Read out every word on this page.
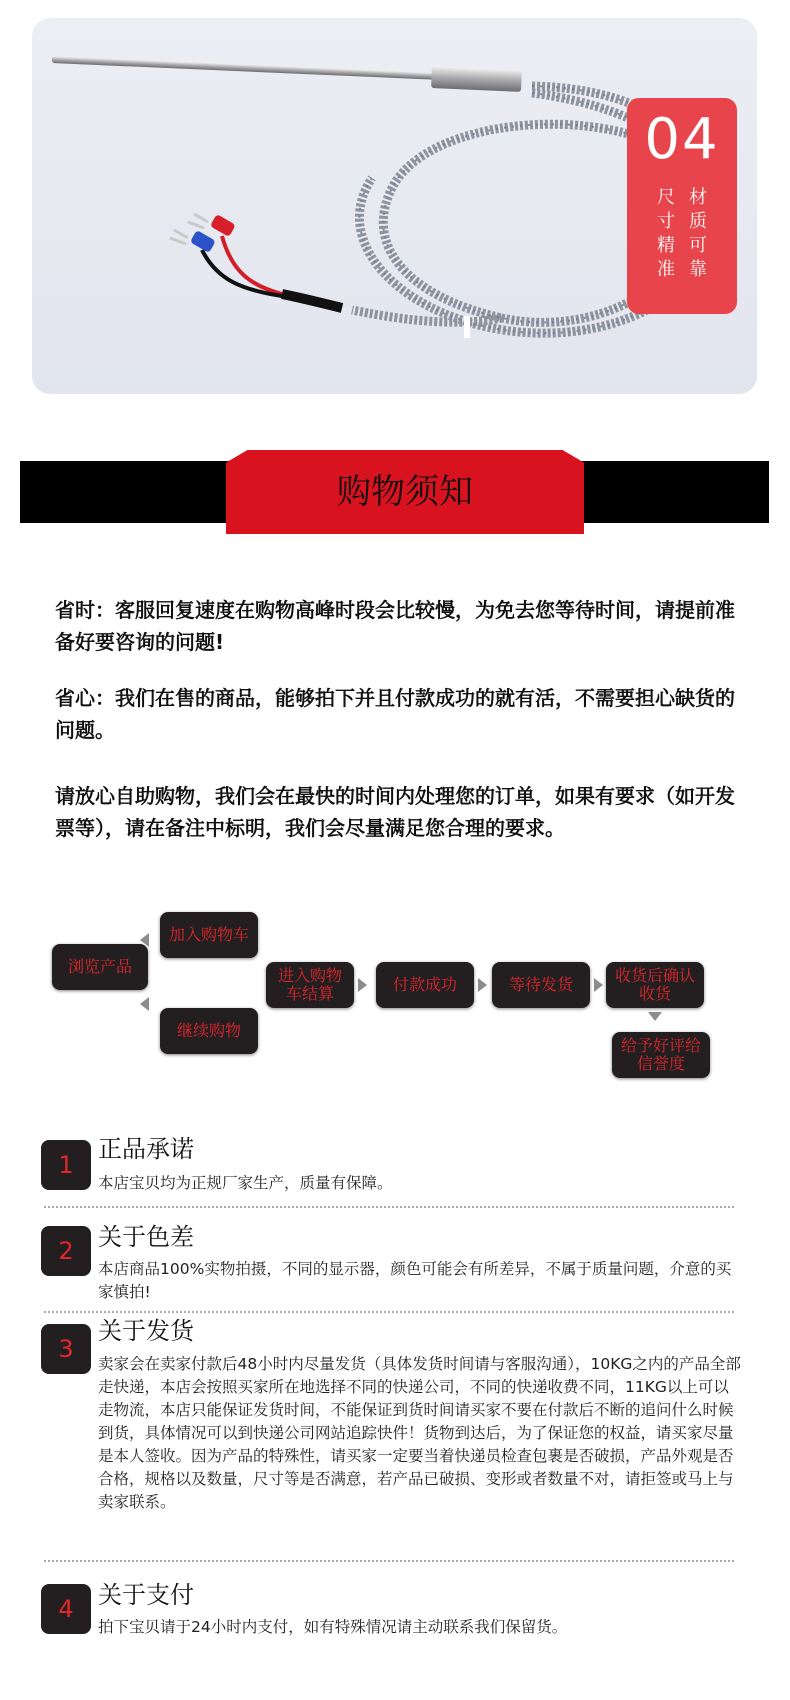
04
材质可靠
尺寸精准
购物须知
省时：客服回复速度在购物高峰时段会比较慢，为免去您等待时间，请提前准备好要咨询的问题!
省心：我们在售的商品，能够拍下并且付款成功的就有活，不需要担心缺货的问题。
请放心自助购物，我们会在最快的时间内处理您的订单，如果有要求（如开发票等），请在备注中标明，我们会尽量满足您合理的要求。
浏览产品
加入购物车
继续购物
进入购物车结算	付款成功	等待发货	收货后确认收货
给予好评给信誉度
1
正品承诺
本店宝贝均为正规厂家生产，质量有保障。
2	关于色差
本店商品100%实物拍摄，不同的显示器，颜色可能会有所差异，不属于质量问题，介意的买家慎拍!
3
关于发货
卖家会在卖家付款后48小时内尽量发货（具体发货时间请与客服沟通），10KG之内的产品全部走快递，本店会按照买家所在地选择不同的快递公司，不同的快递收费不同，11KG以上可以走物流，本店只能保证发货时间，不能保证到货时间请买家不要在付款后不断的追问什么时候到货，具体情况可以到快递公司网站追踪快件！货物到达后，为了保证您的权益，请买家尽量是本人签收。因为产品的特殊性，请买家一定要当着快递员检查包裹是否破损，产品外观是否合格，规格以及数量，尺寸等是否满意，若产品已破损、变形或者数量不对，请拒签或马上与卖家联系。
4	关于支付
拍下宝贝请于24小时内支付，如有特殊情况请主动联系我们保留货。
